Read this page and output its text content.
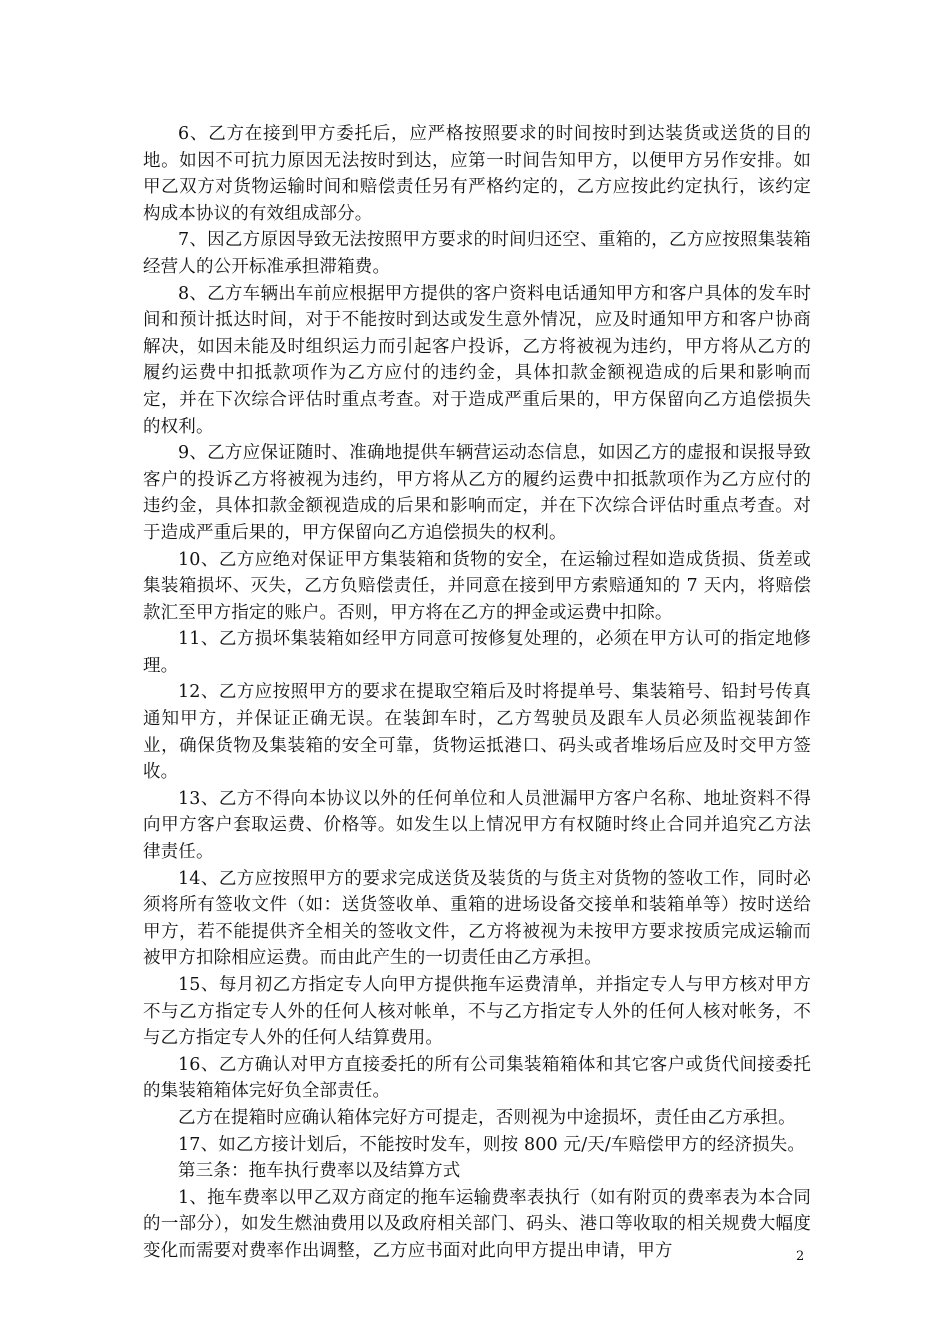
6、乙方在接到甲方委托后，应严格按照要求的时间按时到达装货或送货的目的地。如因不可抗力原因无法按时到达，应第一时间告知甲方，以便甲方另作安排。如甲乙双方对货物运输时间和赔偿责任另有严格约定的，乙方应按此约定执行，该约定构成本协议的有效组成部分。

7、因乙方原因导致无法按照甲方要求的时间归还空、重箱的，乙方应按照集装箱经营人的公开标准承担滞箱费。

8、乙方车辆出车前应根据甲方提供的客户资料电话通知甲方和客户具体的发车时间和预计抵达时间，对于不能按时到达或发生意外情况，应及时通知甲方和客户协商解决，如因未能及时组织运力而引起客户投诉，乙方将被视为违约，甲方将从乙方的履约运费中扣抵款项作为乙方应付的违约金，具体扣款金额视造成的后果和影响而定，并在下次综合评估时重点考查。对于造成严重后果的，甲方保留向乙方追偿损失的权利。

9、乙方应保证随时、准确地提供车辆营运动态信息，如因乙方的虚报和误报导致客户的投诉乙方将被视为违约，甲方将从乙方的履约运费中扣抵款项作为乙方应付的违约金，具体扣款金额视造成的后果和影响而定，并在下次综合评估时重点考查。对于造成严重后果的，甲方保留向乙方追偿损失的权利。

10、乙方应绝对保证甲方集装箱和货物的安全，在运输过程如造成货损、货差或集装箱损坏、灭失，乙方负赔偿责任，并同意在接到甲方索赔通知的 7 天内，将赔偿款汇至甲方指定的账户。否则，甲方将在乙方的押金或运费中扣除。

11、乙方损坏集装箱如经甲方同意可按修复处理的，必须在甲方认可的指定地修理。

12、乙方应按照甲方的要求在提取空箱后及时将提单号、集装箱号、铅封号传真通知甲方，并保证正确无误。在装卸车时，乙方驾驶员及跟车人员必须监视装卸作业，确保货物及集装箱的安全可靠，货物运抵港口、码头或者堆场后应及时交甲方签收。

13、乙方不得向本协议以外的任何单位和人员泄漏甲方客户名称、地址资料不得向甲方客户套取运费、价格等。如发生以上情况甲方有权随时终止合同并追究乙方法律责任。

14、乙方应按照甲方的要求完成送货及装货的与货主对货物的签收工作，同时必须将所有签收文件（如：送货签收单、重箱的进场设备交接单和装箱单等）按时送给甲方，若不能提供齐全相关的签收文件，乙方将被视为未按甲方要求按质完成运输而被甲方扣除相应运费。而由此产生的一切责任由乙方承担。

15、每月初乙方指定专人向甲方提供拖车运费清单，并指定专人与甲方核对甲方不与乙方指定专人外的任何人核对帐单，不与乙方指定专人外的任何人核对帐务，不与乙方指定专人外的任何人结算费用。

16、乙方确认对甲方直接委托的所有公司集装箱箱体和其它客户或货代间接委托的集装箱箱体完好负全部责任。

乙方在提箱时应确认箱体完好方可提走，否则视为中途损坏，责任由乙方承担。

17、如乙方接计划后，不能按时发车，则按 800 元/天/车赔偿甲方的经济损失。

第三条：拖车执行费率以及结算方式

1、拖车费率以甲乙双方商定的拖车运输费率表执行（如有附页的费率表为本合同的一部分），如发生燃油费用以及政府相关部门、码头、港口等收取的相关规费大幅度变化而需要对费率作出调整，乙方应书面对此向甲方提出申请，甲方	2
